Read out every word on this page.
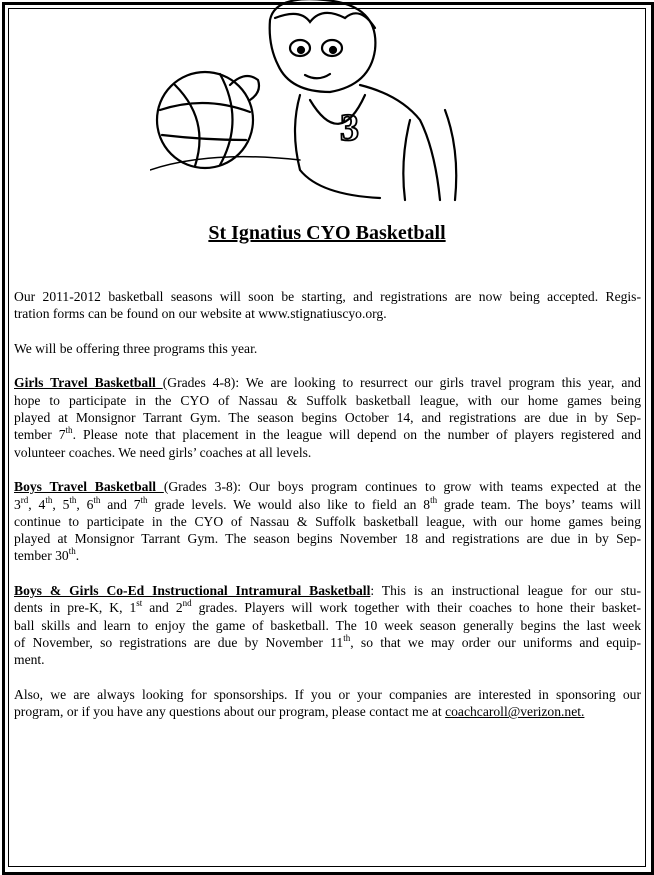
3
St Ignatius CYO Basketball
Our 2011-2012 basketball seasons will soon be starting, and registrations are now being accepted. Regis-
tration forms can be found on our website at www.stignatiuscyo.org.
We will be offering three programs this year.
Girls Travel Basketball (Grades 4-8): We are looking to resurrect our girls travel program this year, and
hope to participate in the CYO of Nassau & Suffolk basketball league, with our home games being
played at Monsignor Tarrant Gym. The season begins October 14, and registrations are due in by Sep-
tember 7th. Please note that placement in the league will depend on the number of players registered and
volunteer coaches. We need girls’ coaches at all levels.
Boys Travel Basketball (Grades 3-8): Our boys program continues to grow with teams expected at the
3rd, 4th, 5th, 6th and 7th grade levels. We would also like to field an 8th grade team. The boys’ teams will
continue to participate in the CYO of Nassau & Suffolk basketball league, with our home games being
played at Monsignor Tarrant Gym. The season begins November 18 and registrations are due in by Sep-
tember 30th.
Boys & Girls Co-Ed Instructional Intramural Basketball: This is an instructional league for our stu-
dents in pre-K, K, 1st and 2nd grades. Players will work together with their coaches to hone their basket-
ball skills and learn to enjoy the game of basketball. The 10 week season generally begins the last week
of November, so registrations are due by November 11th, so that we may order our uniforms and equip-
ment.
Also, we are always looking for sponsorships. If you or your companies are interested in sponsoring our
program, or if you have any questions about our program, please contact me at coachcaroll@verizon.net.
